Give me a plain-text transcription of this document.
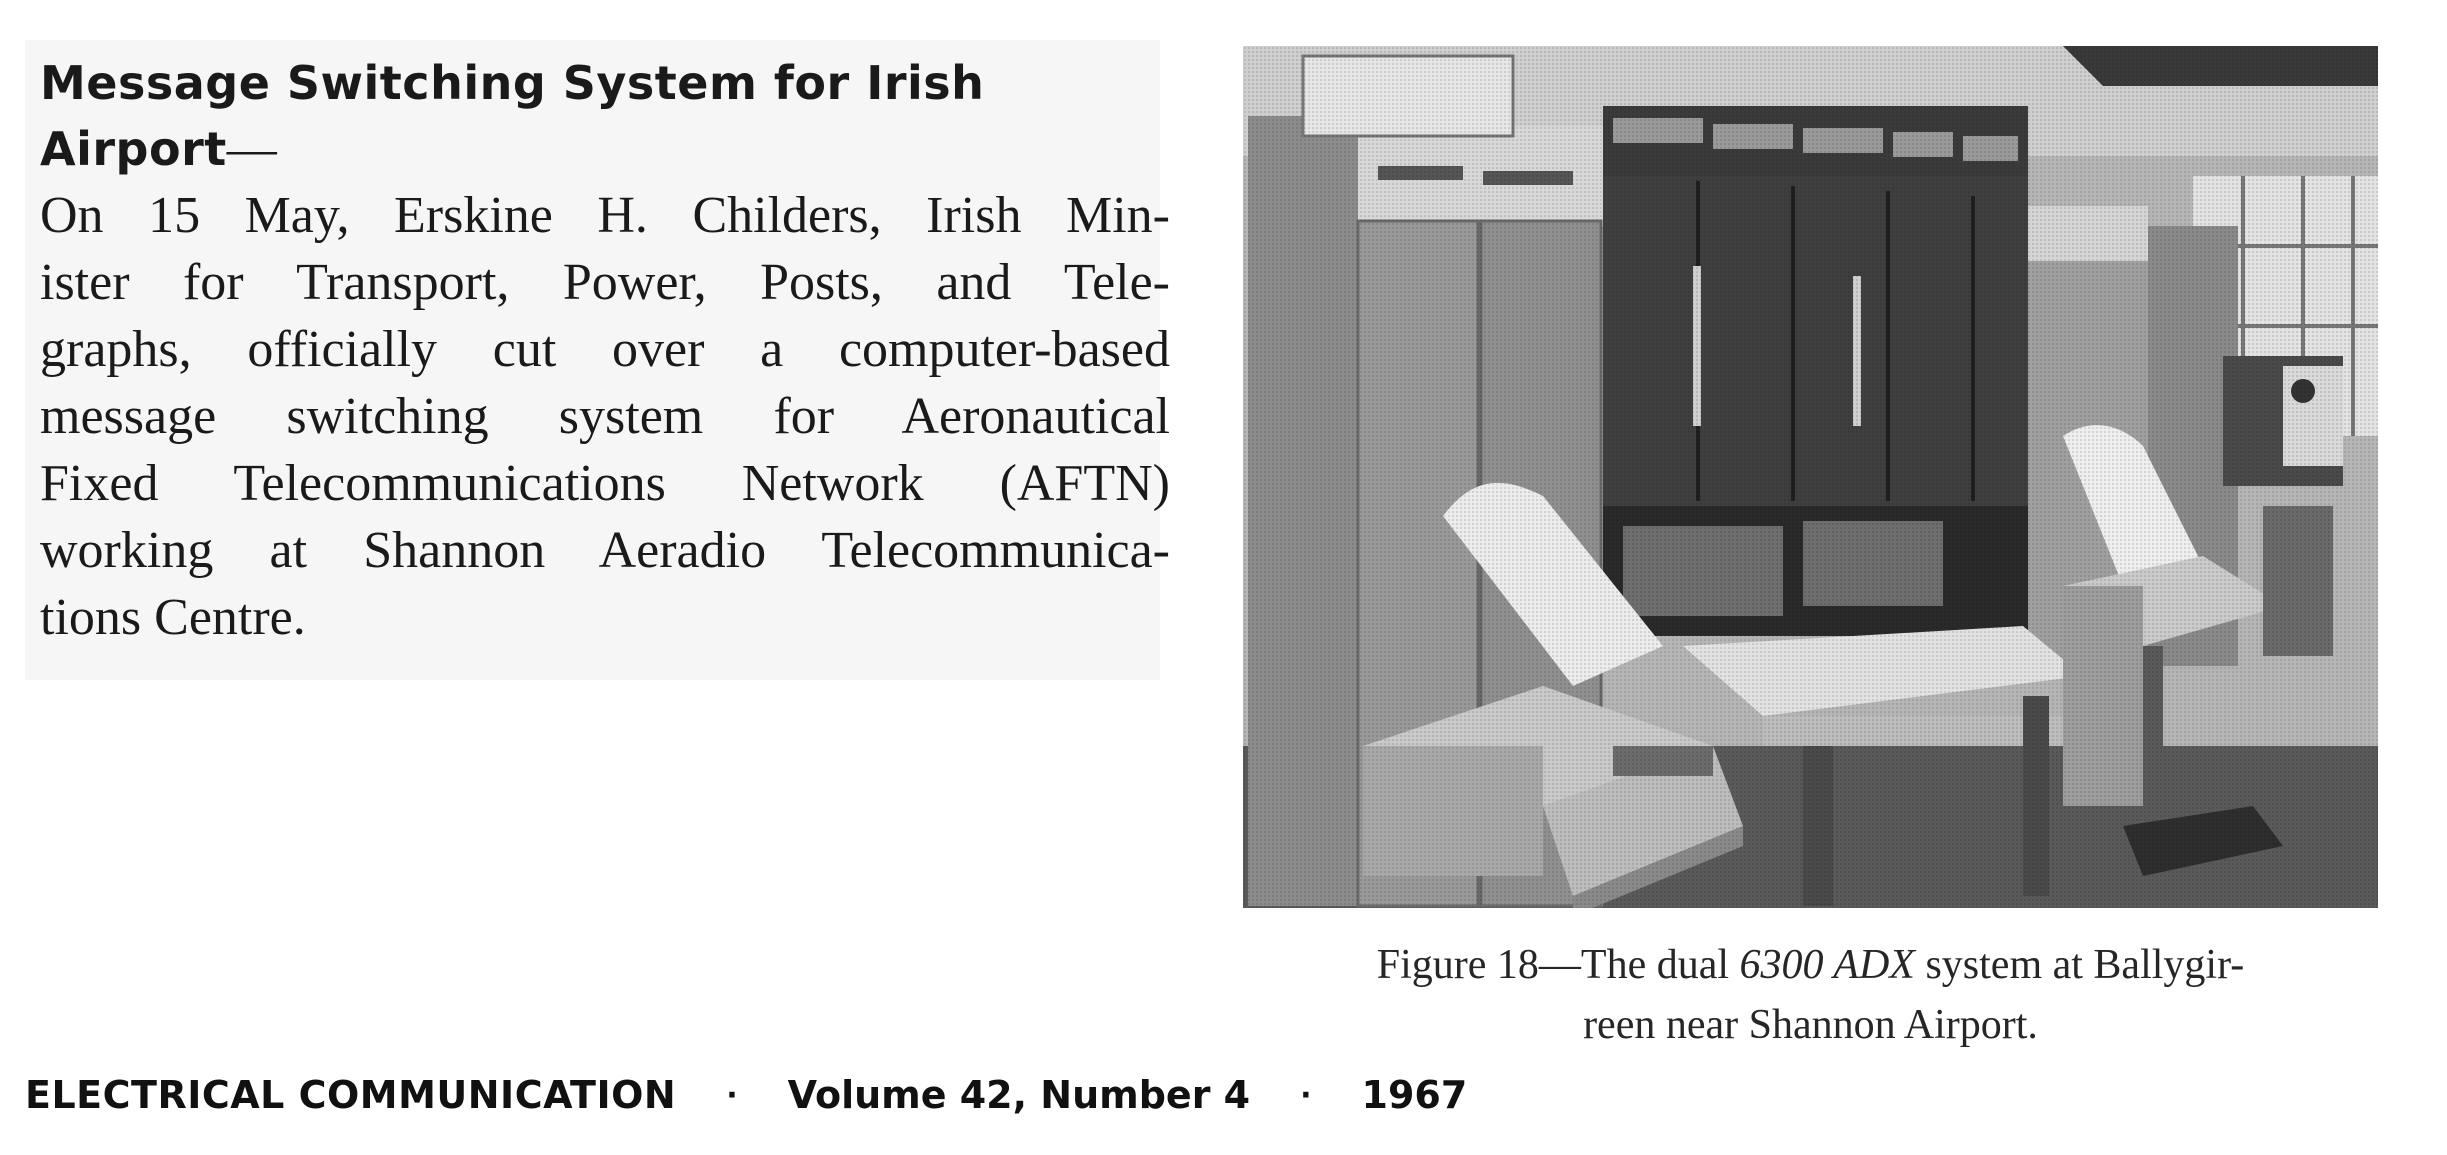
Message Switching System for Irish Airport—
On 15 May, Erskine H. Childers, Irish Min-
ister for Transport, Power, Posts, and Tele-
graphs, officially cut over a computer-based
message switching system for Aeronautical
Fixed Telecommunications Network (AFTN)
working at Shannon Aeradio Telecommunica-
tions Centre.
Figure 18—The dual 6300 ADX system at Ballygir-
reen near Shannon Airport.
ELECTRICAL COMMUNICATION · Volume 42, Number 4 · 1967
